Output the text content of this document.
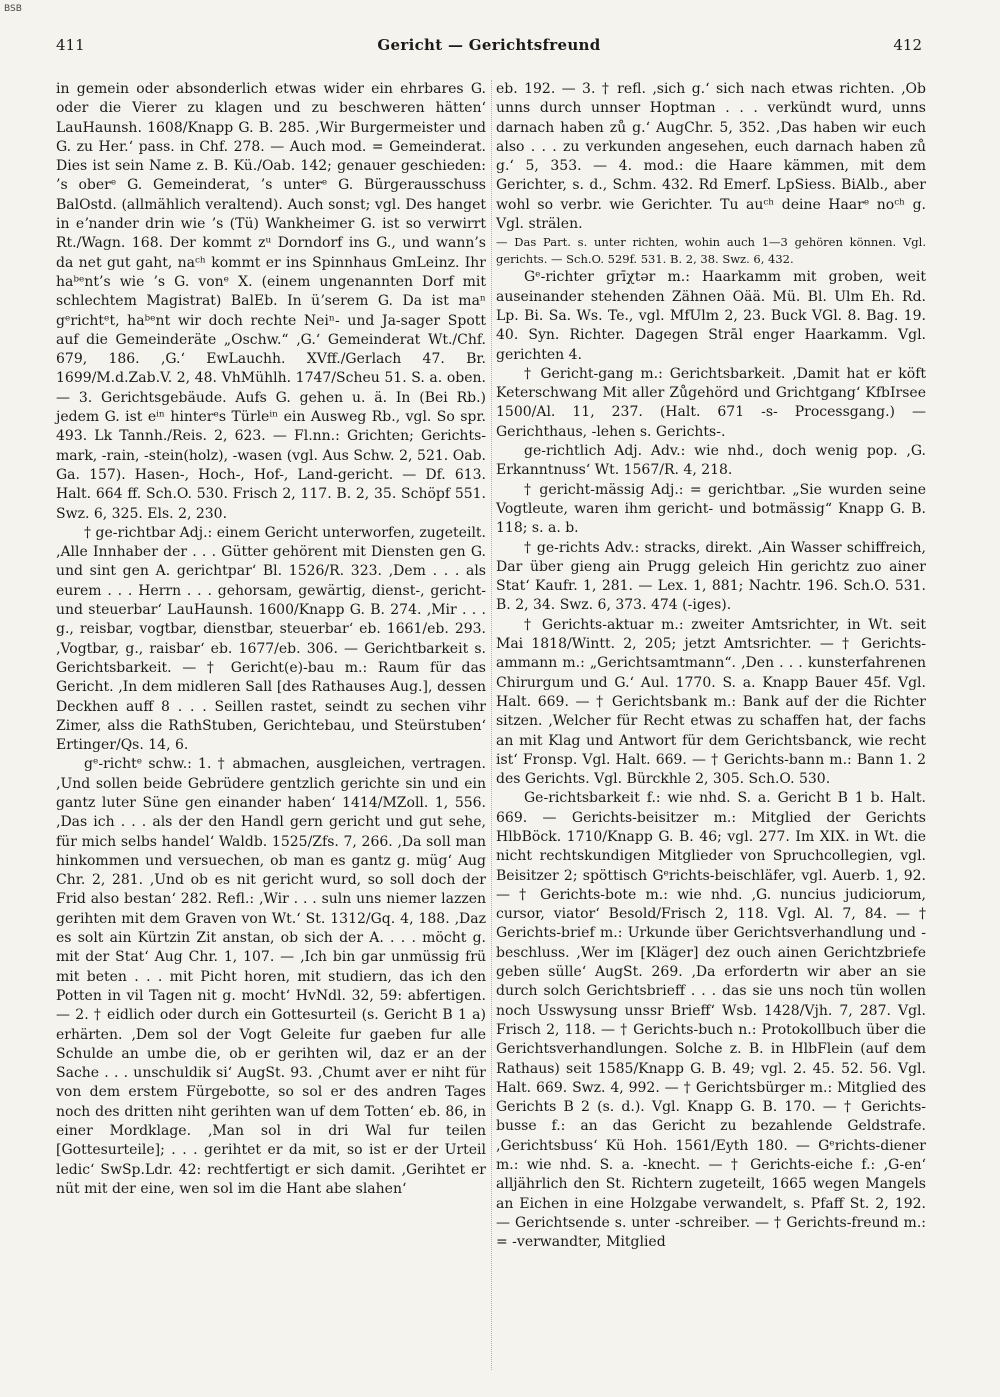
BSB
411	Gericht — Gerichtsfreund	412

in gemein oder absonderlich etwas wider ein ehrbares G. oder die Vierer zu klagen und zu beschweren hätten‘ LauHaunsh. 1608/Knapp G. B. 285. ‚Wir Burgermeister und G. zu Her.‘ pass. in Chf. 278. — Auch mod. = Gemeinderat. Dies ist sein Name z. B. Kü./Oab. 142; genauer geschieden: ’s oberᵉ G. Gemeinderat, ’s unterᵉ G. Bürgerausschuss BalOstd. (allmählich veraltend). Auch sonst; vgl. Des hanget in eʼnander drin wie ’s (Tü) Wankheimer G. ist so verwirrt Rt./Wagn. 168. Der kommt zᵘ Dorndorf ins G., und wann’s da net gut gaht, naᶜʰ kommt er ins Spinnhaus GmLeinz. Ihr haᵇᵉnt’s wie ’s G. vonᵉ X. (einem ungenannten Dorf mit schlechtem Magistrat) BalEb. In üʼserem G. Da ist maⁿ gᵉrichtᵉt, haᵇᵉnt wir doch rechte Neiⁿ- und Ja-sager Spott auf die Gemeinderäte „Oschw.“ ‚G.‘ Gemeinderat Wt./Chf. 679, 186. ‚G.‘ EwLauchh. XVff./Gerlach 47. Br. 1699/M.d.Zab.V. 2, 48. VhMühlh. 1747/Scheu 51. S. a. oben. — 3. Gerichtsgebäude. Aufs G. gehen u. ä. In (Bei Rb.) jedem G. ist eⁱⁿ hinterᵉs Türleⁱⁿ ein Ausweg Rb., vgl. So spr. 493. Lk Tannh./Reis. 2, 623. — Fl.nn.: Grichten; Gerichts-mark, -rain, -stein(holz), -wasen (vgl. Aus Schw. 2, 521. Oab. Ga. 157). Hasen-, Hoch-, Hof-, Land-gericht. — Df. 613. Halt. 664 ff. Sch.O. 530. Frisch 2, 117. B. 2, 35. Schöpf 551. Swz. 6, 325. Els. 2, 230.

† ge-richtbar Adj.: einem Gericht unterworfen, zugeteilt. ‚Alle Innhaber der . . . Gütter gehörent mit Diensten gen G. und sint gen A. gerichtpar‘ Bl. 1526/R. 323. ‚Dem . . . als eurem . . . Herrn . . . gehorsam, gewärtig, dienst-, gericht- und steuerbar‘ LauHaunsh. 1600/Knapp G. B. 274. ‚Mir . . . g., reisbar, vogtbar, dienstbar, steuerbar‘ eb. 1661/eb. 293. ‚Vogtbar, g., raisbar‘ eb. 1677/eb. 306. — Gerichtbarkeit s. Gerichtsbarkeit. — † Gericht(e)-bau m.: Raum für das Gericht. ‚In dem midleren Sall [des Rathauses Aug.], dessen Deckhen auff 8 . . . Seillen rastet, seindt zu sechen vihr Zimer, alss die RathStuben, Gerichtebau, und Steürstuben‘ Ertinger/Qs. 14, 6.

gᵉ-richtᵉ schw.: 1. † abmachen, ausgleichen, vertragen. ‚Und sollen beide Gebrüdere gentzlich gerichte sin und ein gantz luter Süne gen einander haben‘ 1414/MZoll. 1, 556. ‚Das ich . . . als der den Handl gern gericht und gut sehe, für mich selbs handel‘ Waldb. 1525/Zfs. 7, 266. ‚Da soll man hinkommen und versuechen, ob man es gantz g. müg‘ Aug Chr. 2, 281. ‚Und ob es nit gericht wurd, so soll doch der Frid also bestan‘ 282. Refl.: ‚Wir . . . suln uns niemer lazzen gerihten mit dem Graven von Wt.‘ St. 1312/Gq. 4, 188. ‚Daz es solt ain Kürtzin Zit anstan, ob sich der A. . . . möcht g. mit der Stat‘ Aug Chr. 1, 107. — ‚Ich bin gar unmüssig frü mit beten . . . mit Picht horen, mit studiern, das ich den Potten in vil Tagen nit g. mocht‘ HvNdl. 32, 59: abfertigen. — 2. † eidlich oder durch ein Gottesurteil (s. Gericht B 1 a) erhärten. ‚Dem sol der Vogt Geleite fur gaeben fur alle Schulde an umbe die, ob er gerihten wil, daz er an der Sache . . . unschuldik si‘ AugSt. 93. ‚Chumt aver er niht für von dem erstem Fürgebotte, so sol er des andren Tages noch des dritten niht gerihten wan uf dem Totten‘ eb. 86, in einer Mordklage. ‚Man sol in dri Wal fur teilen [Gottesurteile]; . . . gerihtet er da mit, so ist er der Urteil ledic‘ SwSp.Ldr. 42: rechtfertigt er sich damit. ‚Gerihtet er nüt mit der eine, wen sol im die Hant abe slahen‘

eb. 192. — 3. † refl. ‚sich g.‘ sich nach etwas richten. ‚Ob unns durch unnser Hoptman . . . verkündt wurd, unns darnach haben zů g.‘ AugChr. 5, 352. ‚Das haben wir euch also . . . zu verkunden angesehen, euch darnach haben zů g.‘ 5, 353. — 4. mod.: die Haare kämmen, mit dem Gerichter, s. d., Schm. 432. Rd Emerf. LpSiess. BiAlb., aber wohl so verbr. wie Gerichter. Tu auᶜʰ deine Haarᵉ noᶜʰ g. Vgl. strälen.

— Das Part. s. unter richten, wohin auch 1—3 gehören können. Vgl. gerichts. — Sch.O. 529f. 531. B. 2, 38. Swz. 6, 432.

Gᵉ-richter grīχtər m.: Haarkamm mit groben, weit auseinander stehenden Zähnen Oää. Mü. Bl. Ulm Eh. Rd. Lp. Bi. Sa. Ws. Te., vgl. MfUlm 2, 23. Buck VGl. 8. Bag. 19. 40. Syn. Richter. Dagegen Strāl enger Haarkamm. Vgl. gerichten 4.

† Gericht-gang m.: Gerichtsbarkeit. ‚Damit hat er köft Keterschwang Mit aller Zůgehörd und Grichtgang‘ KfbIrsee 1500/Al. 11, 237. (Halt. 671 -s- Processgang.) — Gerichthaus, -lehen s. Gerichts-.

ge-richtlich Adj. Adv.: wie nhd., doch wenig pop. ‚G. Erkanntnuss‘ Wt. 1567/R. 4, 218.

† gericht-mässig Adj.: = gerichtbar. „Sie wurden seine Vogtleute, waren ihm gericht- und botmässig“ Knapp G. B. 118; s. a. b.

† ge-richts Adv.: stracks, direkt. ‚Ain Wasser schiffreich, Dar über gieng ain Prugg geleich Hin gerichtz zuo ainer Stat‘ Kaufr. 1, 281. — Lex. 1, 881; Nachtr. 196. Sch.O. 531. B. 2, 34. Swz. 6, 373. 474 (-iges).

† Gerichts-aktuar m.: zweiter Amtsrichter, in Wt. seit Mai 1818/Wintt. 2, 205; jetzt Amtsrichter. — † Gerichts-ammann m.: „Gerichtsamtmann“. ‚Den . . . kunsterfahrenen Chirurgum und G.‘ Aul. 1770. S. a. Knapp Bauer 45f. Vgl. Halt. 669. — † Gerichtsbank m.: Bank auf der die Richter sitzen. ‚Welcher für Recht etwas zu schaffen hat, der fachs an mit Klag und Antwort für dem Gerichtsbanck, wie recht ist‘ Fronsp. Vgl. Halt. 669. — † Gerichts-bann m.: Bann 1. 2 des Gerichts. Vgl. Bürckhle 2, 305. Sch.O. 530.

Ge-richtsbarkeit f.: wie nhd. S. a. Gericht B 1 b. Halt. 669. — Gerichts-beisitzer m.: Mitglied der Gerichts HlbBöck. 1710/Knapp G. B. 46; vgl. 277. Im XIX. in Wt. die nicht rechtskundigen Mitglieder von Spruchcollegien, vgl. Beisitzer 2; spöttisch Gᵉrichts-beischläfer, vgl. Auerb. 1, 92. — † Gerichts-bote m.: wie nhd. ‚G. nuncius judiciorum, cursor, viator‘ Besold/Frisch 2, 118. Vgl. Al. 7, 84. — † Gerichts-brief m.: Urkunde über Gerichtsverhandlung und -beschluss. ‚Wer im [Kläger] dez ouch ainen Gerichtzbriefe geben sülle‘ AugSt. 269. ‚Da erfordertn wir aber an sie durch solch Gerichtsbrieff . . . das sie uns noch tün wollen noch Usswysung unssr Brieff‘ Wsb. 1428/Vjh. 7, 287. Vgl. Frisch 2, 118. — † Gerichts-buch n.: Protokollbuch über die Gerichtsverhandlungen. Solche z. B. in HlbFlein (auf dem Rathaus) seit 1585/Knapp G. B. 49; vgl. 2. 45. 52. 56. Vgl. Halt. 669. Swz. 4, 992. — † Gerichtsbürger m.: Mitglied des Gerichts B 2 (s. d.). Vgl. Knapp G. B. 170. — † Gerichts-busse f.: an das Gericht zu bezahlende Geldstrafe. ‚Gerichtsbuss‘ Kü Hoh. 1561/Eyth 180. — Gᵉrichts-diener m.: wie nhd. S. a. -knecht. — † Gerichts-eiche f.: ‚G-en‘ alljährlich den St. Richtern zugeteilt, 1665 wegen Mangels an Eichen in eine Holzgabe verwandelt, s. Pfaff St. 2, 192. — Gerichtsende s. unter -schreiber. — † Gerichts-freund m.: = -verwandter, Mitglied
